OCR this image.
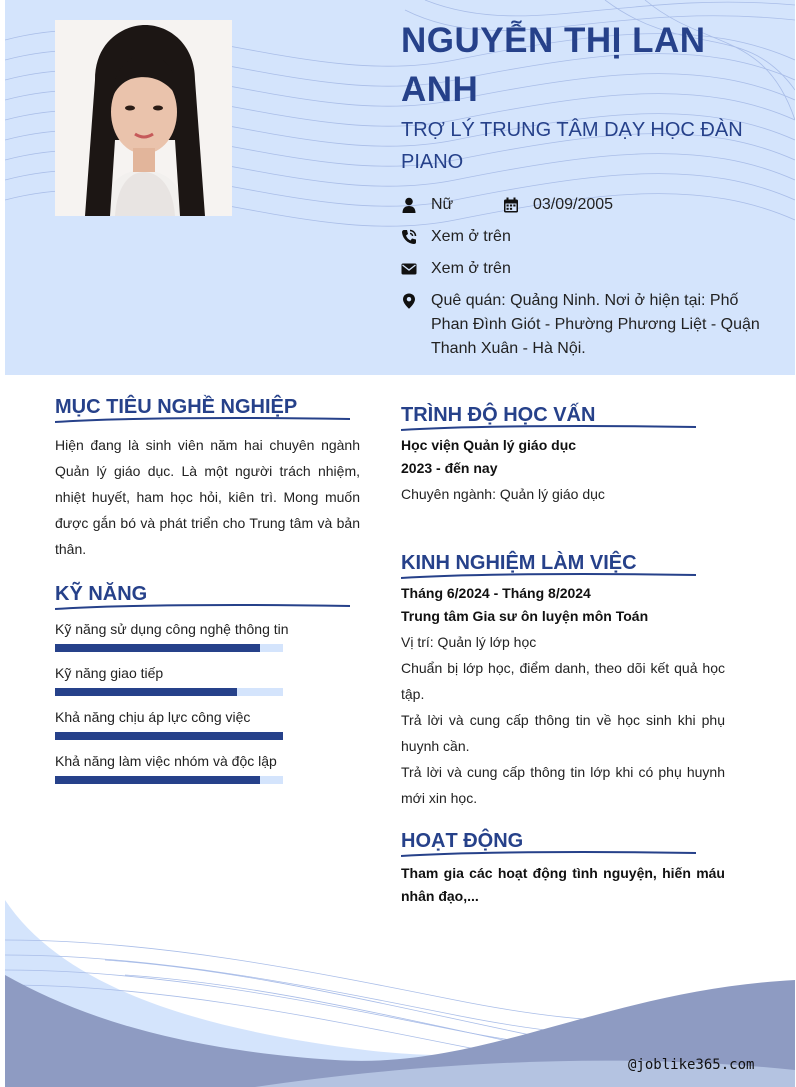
NGUYỄN THỊ LAN ANH
TRỢ LÝ TRUNG TÂM DẠY HỌC ĐÀN PIANO
Nữ	03/09/2005
Xem ở trên
Xem ở trên
Quê quán: Quảng Ninh. Nơi ở hiện tại: Phố Phan Đình Giót - Phường Phương Liệt - Quận Thanh Xuân - Hà Nội.
MỤC TIÊU NGHỀ NGHIỆP
Hiện đang là sinh viên năm hai chuyên ngành Quản lý giáo dục. Là một người trách nhiệm, nhiệt huyết, ham học hỏi, kiên trì. Mong muốn được gắn bó và phát triển cho Trung tâm và bản thân.
KỸ NĂNG
Kỹ năng sử dụng công nghệ thông tin
Kỹ năng giao tiếp
Khả năng chịu áp lực công việc
Khả năng làm việc nhóm và độc lập
TRÌNH ĐỘ HỌC VẤN
Học viện Quản lý giáo dục
2023 - đến nay
Chuyên ngành: Quản lý giáo dục
KINH NGHIỆM LÀM VIỆC
Tháng 6/2024 - Tháng 8/2024
Trung tâm Gia sư ôn luyện môn Toán
Vị trí: Quản lý lớp học
Chuẩn bị lớp học, điểm danh, theo dõi kết quả học tập.
Trả lời và cung cấp thông tin về học sinh khi phụ huynh cần.
Trả lời và cung cấp thông tin lớp khi có phụ huynh mới xin học.
HOẠT ĐỘNG
Tham gia các hoạt động tình nguyện, hiến máu nhân đạo,...
@joblike365.com
